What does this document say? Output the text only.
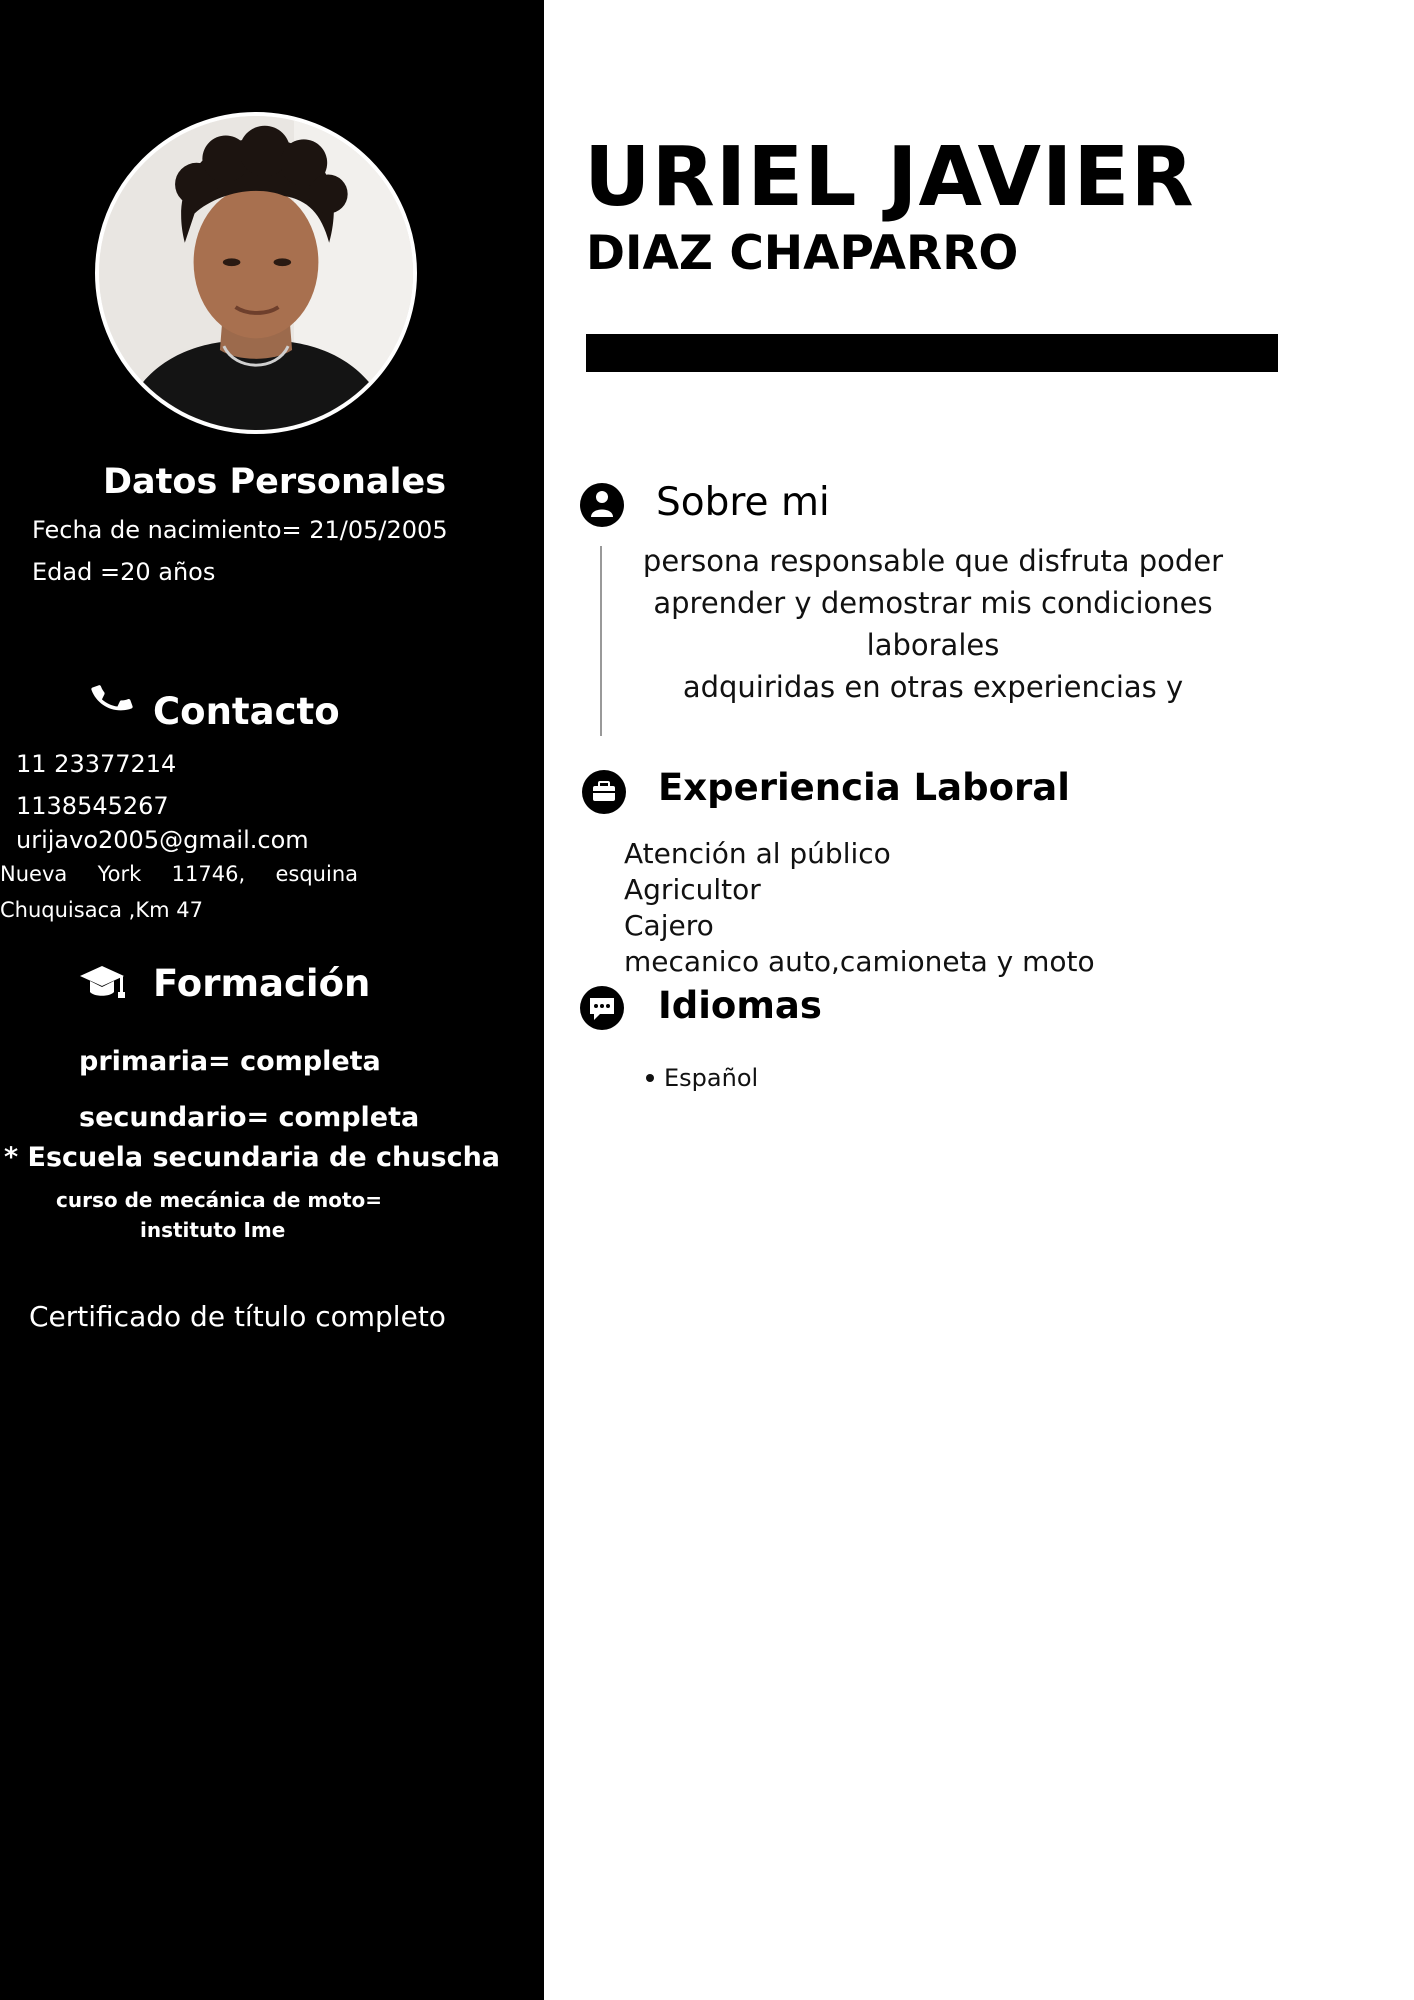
Datos Personales
Fecha de nacimiento= 21/05/2005
Edad =20 años
Contacto
11 23377214
1138545267
urijavo2005@gmail.com
Nueva York 11746, esquina
Chuquisaca ,Km 47
Formación
primaria= completa
secundario= completa
* Escuela secundaria de chuscha
curso de mecánica de moto=
instituto Ime
Certificado de título completo
URIEL JAVIER
DIAZ CHAPARRO
Sobre mi
persona responsable que disfruta poder
aprender y demostrar mis condiciones laborales
adquiridas en otras experiencias y
Experiencia Laboral
Atención al público
Agricultor
Cajero
mecanico auto,camioneta y moto
Idiomas
Español
